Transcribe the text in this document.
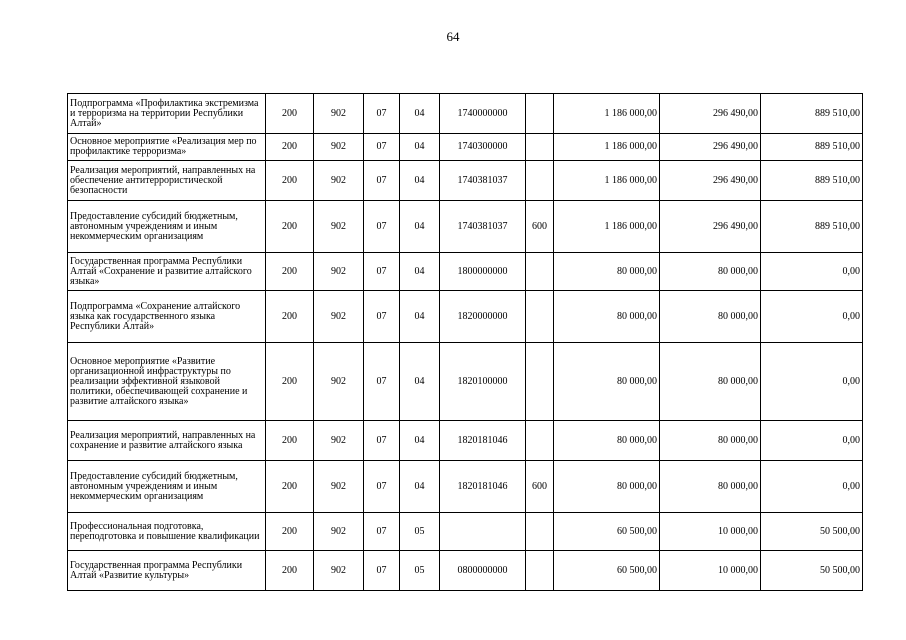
64
Подпрограмма «Профилактика экстремизма и терроризма на территории Республики Алтай»	200	902	07	04	1740000000		1 186 000,00	296 490,00	889 510,00
Основное мероприятие «Реализация мер по профилактике терроризма»	200	902	07	04	1740300000		1 186 000,00	296 490,00	889 510,00
Реализация мероприятий, направленных на обеспечение антитеррористической безопасности	200	902	07	04	1740381037		1 186 000,00	296 490,00	889 510,00
Предоставление субсидий бюджетным, автономным учреждениям и иным некоммерческим организациям	200	902	07	04	1740381037	600	1 186 000,00	296 490,00	889 510,00
Государственная программа Республики Алтай «Сохранение и развитие алтайского языка»	200	902	07	04	1800000000		80 000,00	80 000,00	0,00
Подпрограмма «Сохранение алтайского языка как государственного языка Республики Алтай»	200	902	07	04	1820000000		80 000,00	80 000,00	0,00
Основное мероприятие «Развитие организационной инфраструктуры по реализации эффективной языковой политики, обеспечивающей сохранение и развитие алтайского языка»	200	902	07	04	1820100000		80 000,00	80 000,00	0,00
Реализация мероприятий, направленных на сохранение и развитие алтайского языка	200	902	07	04	1820181046		80 000,00	80 000,00	0,00
Предоставление субсидий бюджетным, автономным учреждениям и иным некоммерческим организациям	200	902	07	04	1820181046	600	80 000,00	80 000,00	0,00
Профессиональная подготовка, переподготовка и повышение квалификации	200	902	07	05			60 500,00	10 000,00	50 500,00
Государственная программа Республики Алтай «Развитие культуры»	200	902	07	05	0800000000		60 500,00	10 000,00	50 500,00
